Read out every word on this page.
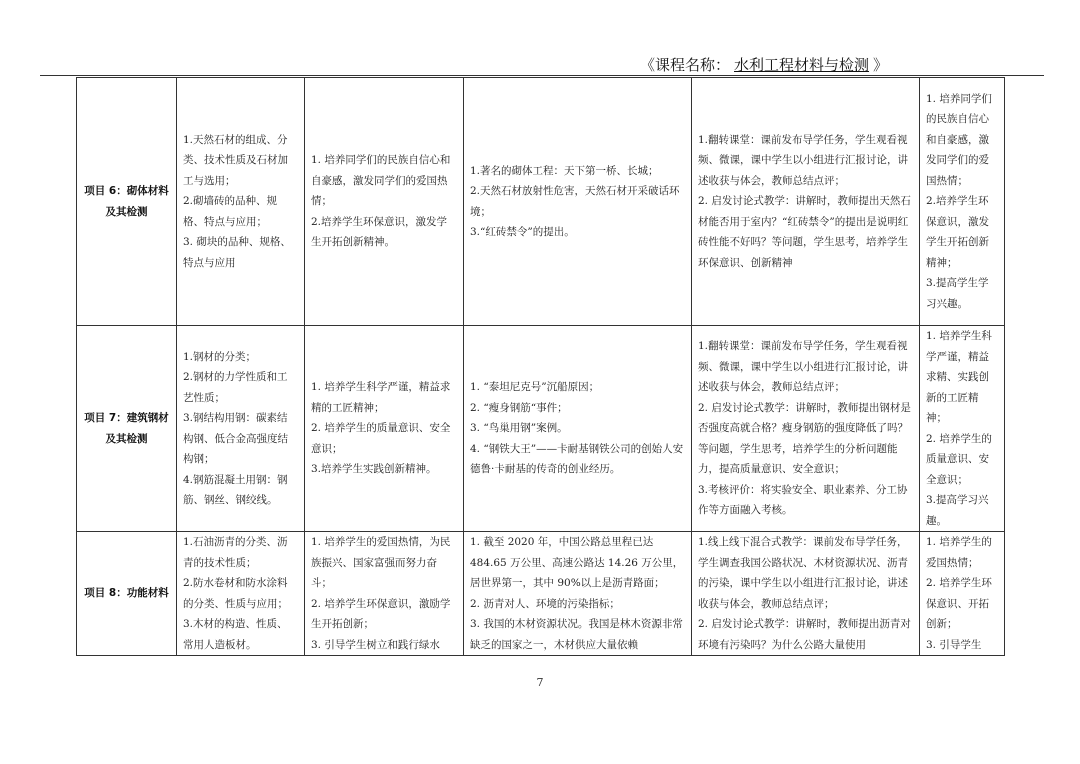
《课程名称： 水利工程材料与检测 》
项目 6：砌体材料及其检测	1.天然石材的组成、分类、技术性质及石材加工与选用；
2.砌墙砖的品种、规格、特点与应用；
3. 砌块的品种、规格、特点与应用	1. 培养同学们的民族自信心和自豪感，激发同学们的爱国热情；
2.培养学生环保意识，激发学生开拓创新精神。	1.著名的砌体工程：天下第一桥、长城；
2.天然石材放射性危害，天然石材开采破话环境；
3.“红砖禁令”的提出。	1.翻转课堂：课前发布导学任务，学生观看视频、微课，课中学生以小组进行汇报讨论，讲述收获与体会，教师总结点评；
2. 启发讨论式教学：讲解时，教师提出天然石材能否用于室内？“红砖禁令”的提出是说明红砖性能不好吗？等问题，学生思考，培养学生环保意识、创新精神	1. 培养同学们的民族自信心和自豪感，激发同学们的爱国热情；
2.培养学生环保意识，激发学生开拓创新精神；
3.提高学生学习兴趣。

项目 7：建筑钢材及其检测	1.钢材的分类；
2.钢材的力学性质和工艺性质；
3.钢结构用钢：碳素结构钢、低合金高强度结构钢；
4.钢筋混凝土用钢：钢筋、钢丝、钢绞线。	1. 培养学生科学严谨，精益求精的工匠精神；
2. 培养学生的质量意识、安全意识；
3.培养学生实践创新精神。	1. “泰坦尼克号”沉船原因；
2. “瘦身钢筋“事件；
3. “鸟巢用钢”案例。
4. “钢铁大王”——卡耐基钢铁公司的创始人安德鲁·卡耐基的传奇的创业经历。	1.翻转课堂：课前发布导学任务，学生观看视频、微课，课中学生以小组进行汇报讨论，讲述收获与体会，教师总结点评；
2. 启发讨论式教学：讲解时，教师提出钢材是否强度高就合格？瘦身钢筋的强度降低了吗？等问题，学生思考，培养学生的分析问题能力，提高质量意识、安全意识；
3.考核评价：将实验安全、职业素养、分工协作等方面融入考核。	1. 培养学生科学严谨，精益求精、实践创新的工匠精神；
2. 培养学生的质量意识、安全意识；
3.提高学习兴趣。

项目 8：功能材料	1.石油沥青的分类、沥青的技术性质；
2.防水卷材和防水涂料的分类、性质与应用；
3.木材的构造、性质、常用人造板材。	1. 培养学生的爱国热情，为民族振兴、国家富强而努力奋斗；
2. 培养学生环保意识，激励学生开拓创新；
3. 引导学生树立和践行绿水	1. 截至 2020 年，中国公路总里程已达 484.65 万公里、高速公路达 14.26 万公里，居世界第一，其中 90%以上是沥青路面；
2. 沥青对人、环境的污染指标；
3. 我国的木材资源状况。我国是林木资源非常缺乏的国家之一，木材供应大量依赖	1.线上线下混合式教学：课前发布导学任务，学生调查我国公路状况、木材资源状况、沥青的污染，课中学生以小组进行汇报讨论，讲述收获与体会，教师总结点评；
2. 启发讨论式教学：讲解时，教师提出沥青对环境有污染吗？为什么公路大量使用	1. 培养学生的爱国热情；
2. 培养学生环保意识、开拓创新；
3. 引导学生
7
